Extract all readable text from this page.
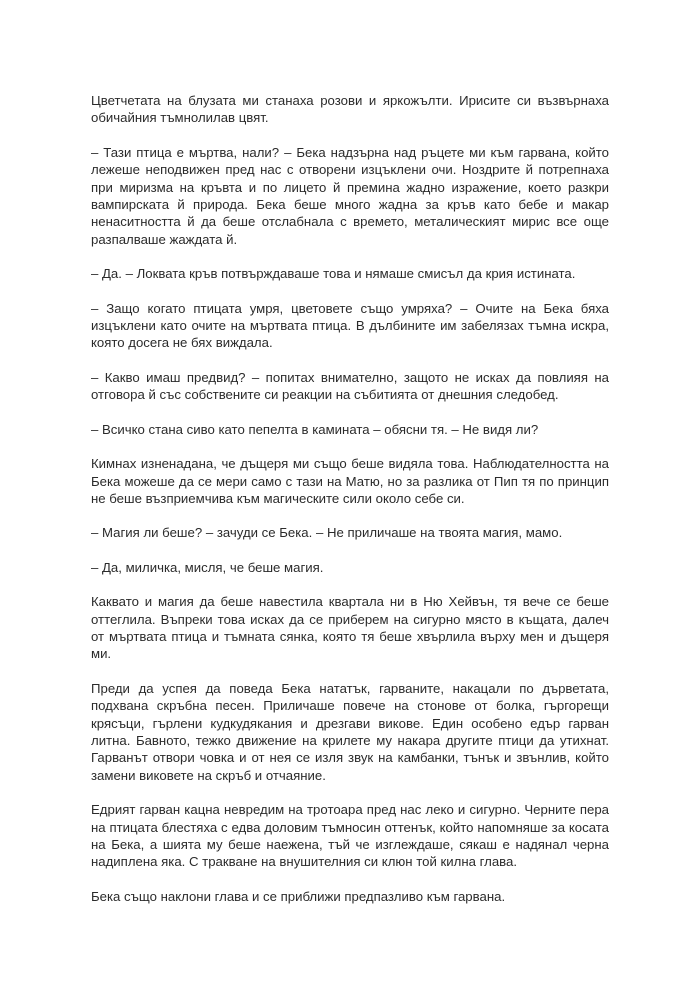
Цветчетата на блузата ми станаха розови и яркожълти. Ирисите си възвърнаха обичайния тъмнолилав цвят.

– Тази птица е мъртва, нали? – Бека надзърна над ръцете ми към гарвана, който лежеше неподвижен пред нас с отворени изцъклени очи. Ноздрите й потрепнаха при миризма на кръвта и по лицето й премина жадно изражение, което разкри вампирската й природа. Бека беше много жадна за кръв като бебе и макар ненаситността й да беше отслабнала с времето, металическият мирис все още разпалваше жаждата й.

– Да. – Локвата кръв потвърждаваше това и нямаше смисъл да крия истината.

– Защо когато птицата умря, цветовете също умряха? – Очите на Бека бяха изцъклени като очите на мъртвата птица. В дълбините им забелязах тъмна искра, която досега не бях виждала.

– Какво имаш предвид? – попитах внимателно, защото не исках да повлияя на отговора й със собствените си реакции на събитията от днешния следобед.

– Всичко стана сиво като пепелта в камината – обясни тя. – Не видя ли?

Кимнах изненадана, че дъщеря ми също беше видяла това. Наблюдателността на Бека можеше да се мери само с тази на Матю, но за разлика от Пип тя по принцип не беше възприемчива към магическите сили около себе си.

– Магия ли беше? – зачуди се Бека. – Не приличаше на твоята магия, мамо.

– Да, миличка, мисля, че беше магия.

Каквато и магия да беше навестила квартала ни в Ню Хейвън, тя вече се беше оттеглила. Въпреки това исках да се приберем на сигурно място в къщата, далеч от мъртвата птица и тъмната сянка, която тя беше хвърлила върху мен и дъщеря ми.

Преди да успея да поведа Бека нататък, гарваните, накацали по дърветата, подхвана скръбна песен. Приличаше повече на стонове от болка, гъргорещи крясъци, гърлени кудкудякания и дрезгави викове. Един особено едър гарван литна. Бавното, тежко движение на крилете му накара другите птици да утихнат. Гарванът отвори човка и от нея се изля звук на камбанки, тънък и звънлив, който замени виковете на скръб и отчаяние.

Едрият гарван кацна невредим на тротоара пред нас леко и сигурно. Черните пера на птицата блестяха с едва доловим тъмносин оттенък, който напомняше за косата на Бека, а шията му беше наежена, тъй че изглеждаше, сякаш е надянал черна надиплена яка. С тракване на внушителния си клюн той килна глава.

Бека също наклони глава и се приближи предпазливо към гарвана.
